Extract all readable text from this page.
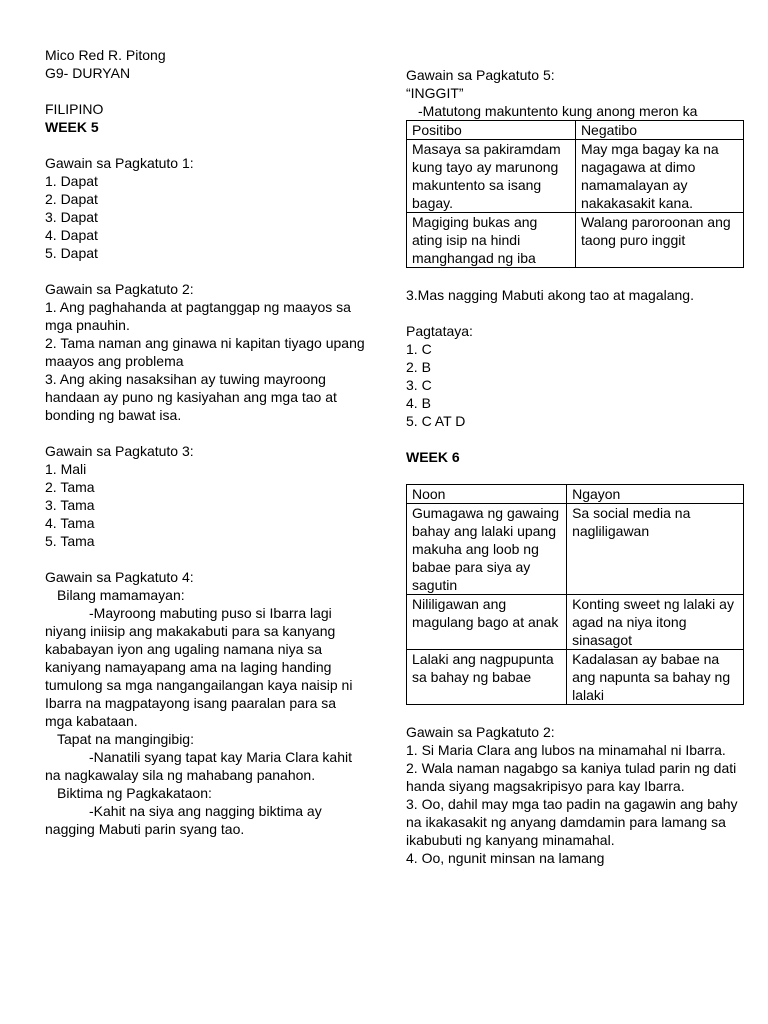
Mico Red R. Pitong
G9- DURYAN
FILIPINO
WEEK 5
Gawain sa Pagkatuto 1:
1. Dapat
2. Dapat
3. Dapat
4. Dapat
5. Dapat
Gawain sa Pagkatuto 2:
1. Ang paghahanda at pagtanggap ng maayos sa mga pnauhin.
2. Tama naman ang ginawa ni kapitan tiyago upang maayos ang problema
3. Ang aking nasaksihan ay tuwing mayroong handaan ay puno ng kasiyahan ang mga tao at bonding ng bawat isa.
Gawain sa Pagkatuto 3:
1. Mali
2. Tama
3. Tama
4. Tama
5. Tama
Gawain sa Pagkatuto 4:
Bilang mamamayan:
-Mayroong mabuting puso si Ibarra lagi niyang iniisip ang makakabuti para sa kanyang kababayan iyon ang ugaling namana niya sa kaniyang namayapang ama na laging handing tumulong sa mga nangangailangan kaya naisip ni Ibarra na magpatayong isang paaralan para sa mga kabataan.
Tapat na mangingibig:
-Nanatili syang tapat kay Maria Clara kahit na nagkawalay sila ng mahabang panahon.
Biktima ng Pagkakataon:
-Kahit na siya ang nagging biktima ay nagging Mabuti parin syang tao.
Gawain sa Pagkatuto 5:
“INGGIT”
-Matutong makuntento kung anong meron ka
Positibo	Negatibo
Masaya sa pakiramdam kung tayo ay marunong makuntento sa isang bagay.	May mga bagay ka na nagagawa at dimo namamalayan ay nakakasakit kana.
Magiging bukas ang ating isip na hindi manghangad ng iba	Walang paroroonan ang taong puro inggit
3.Mas nagging Mabuti akong tao at magalang.
Pagtataya:
1. C
2. B
3. C
4. B
5. C AT D
WEEK 6
Noon	Ngayon
Gumagawa ng gawaing bahay ang lalaki upang makuha ang loob ng babae para siya ay sagutin	Sa social media na nagliligawan
Nililigawan ang magulang bago at anak	Konting sweet ng lalaki ay agad na niya itong sinasagot
Lalaki ang nagpupunta sa bahay ng babae	Kadalasan ay babae na ang napunta sa bahay ng lalaki
Gawain sa Pagkatuto 2:
1. Si Maria Clara ang lubos na minamahal ni Ibarra.
2. Wala naman nagabgo sa kaniya tulad parin ng dati handa siyang magsakripisyo para kay Ibarra.
3. Oo, dahil may mga tao padin na gagawin ang bahy na ikakasakit ng anyang damdamin para lamang sa ikabubuti ng kanyang minamahal.
4. Oo, ngunit minsan na lamang
